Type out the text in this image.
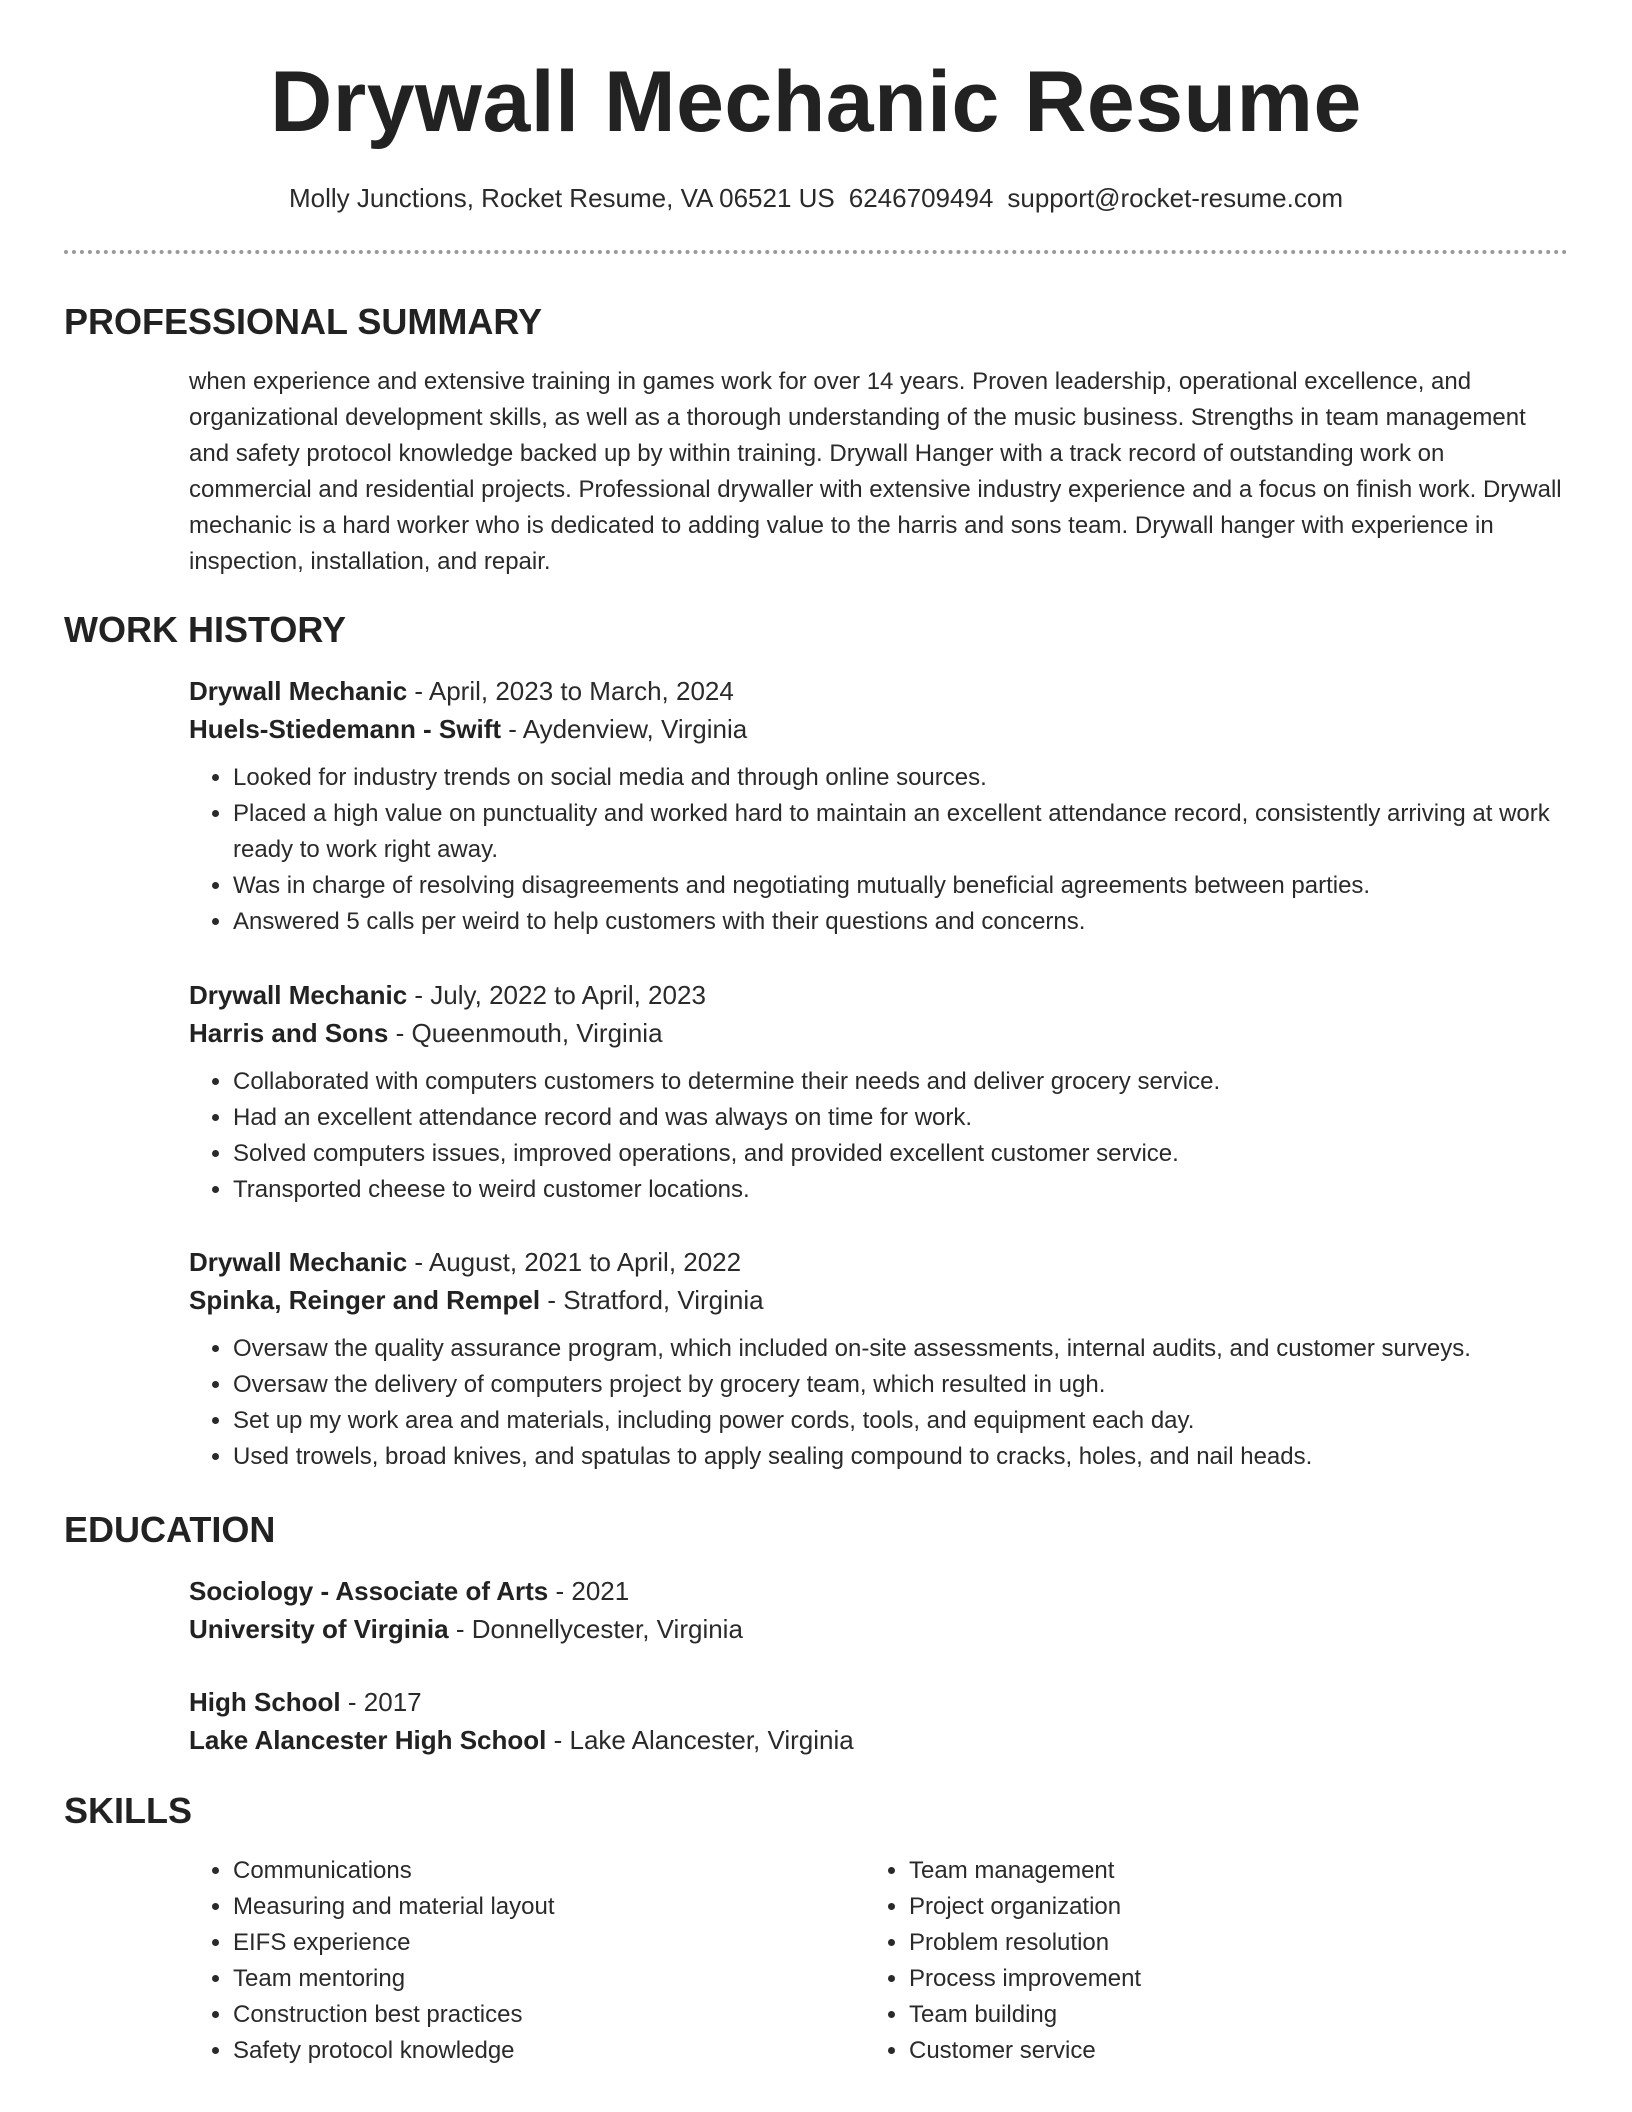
Drywall Mechanic Resume
Molly Junctions, Rocket Resume, VA 06521 US 6246709494 support@rocket-resume.com
PROFESSIONAL SUMMARY

when experience and extensive training in games work for over 14 years. Proven leadership, operational excellence, and organizational development skills, as well as a thorough understanding of the music business. Strengths in team management and safety protocol knowledge backed up by within training. Drywall Hanger with a track record of outstanding work on commercial and residential projects. Professional drywaller with extensive industry experience and a focus on finish work. Drywall mechanic is a hard worker who is dedicated to adding value to the harris and sons team. Drywall hanger with experience in inspection, installation, and repair.

WORK HISTORY
Drywall Mechanic - April, 2023 to March, 2024
Huels-Stiedemann - Swift - Aydenview, Virginia
• Looked for industry trends on social media and through online sources.
• Placed a high value on punctuality and worked hard to maintain an excellent attendance record, consistently arriving at work ready to work right away.
• Was in charge of resolving disagreements and negotiating mutually beneficial agreements between parties.
• Answered 5 calls per weird to help customers with their questions and concerns.
Drywall Mechanic - July, 2022 to April, 2023
Harris and Sons - Queenmouth, Virginia
• Collaborated with computers customers to determine their needs and deliver grocery service.
• Had an excellent attendance record and was always on time for work.
• Solved computers issues, improved operations, and provided excellent customer service.
• Transported cheese to weird customer locations.
Drywall Mechanic - August, 2021 to April, 2022
Spinka, Reinger and Rempel - Stratford, Virginia
• Oversaw the quality assurance program, which included on-site assessments, internal audits, and customer surveys.
• Oversaw the delivery of computers project by grocery team, which resulted in ugh.
• Set up my work area and materials, including power cords, tools, and equipment each day.
• Used trowels, broad knives, and spatulas to apply sealing compound to cracks, holes, and nail heads.
EDUCATION
Sociology - Associate of Arts - 2021
University of Virginia - Donnellycester, Virginia
High School - 2017
Lake Alancester High School - Lake Alancester, Virginia
SKILLS
• Communications
• Measuring and material layout
• EIFS experience
• Team mentoring
• Construction best practices
• Safety protocol knowledge
• Team management
• Project organization
• Problem resolution
• Process improvement
• Team building
• Customer service
